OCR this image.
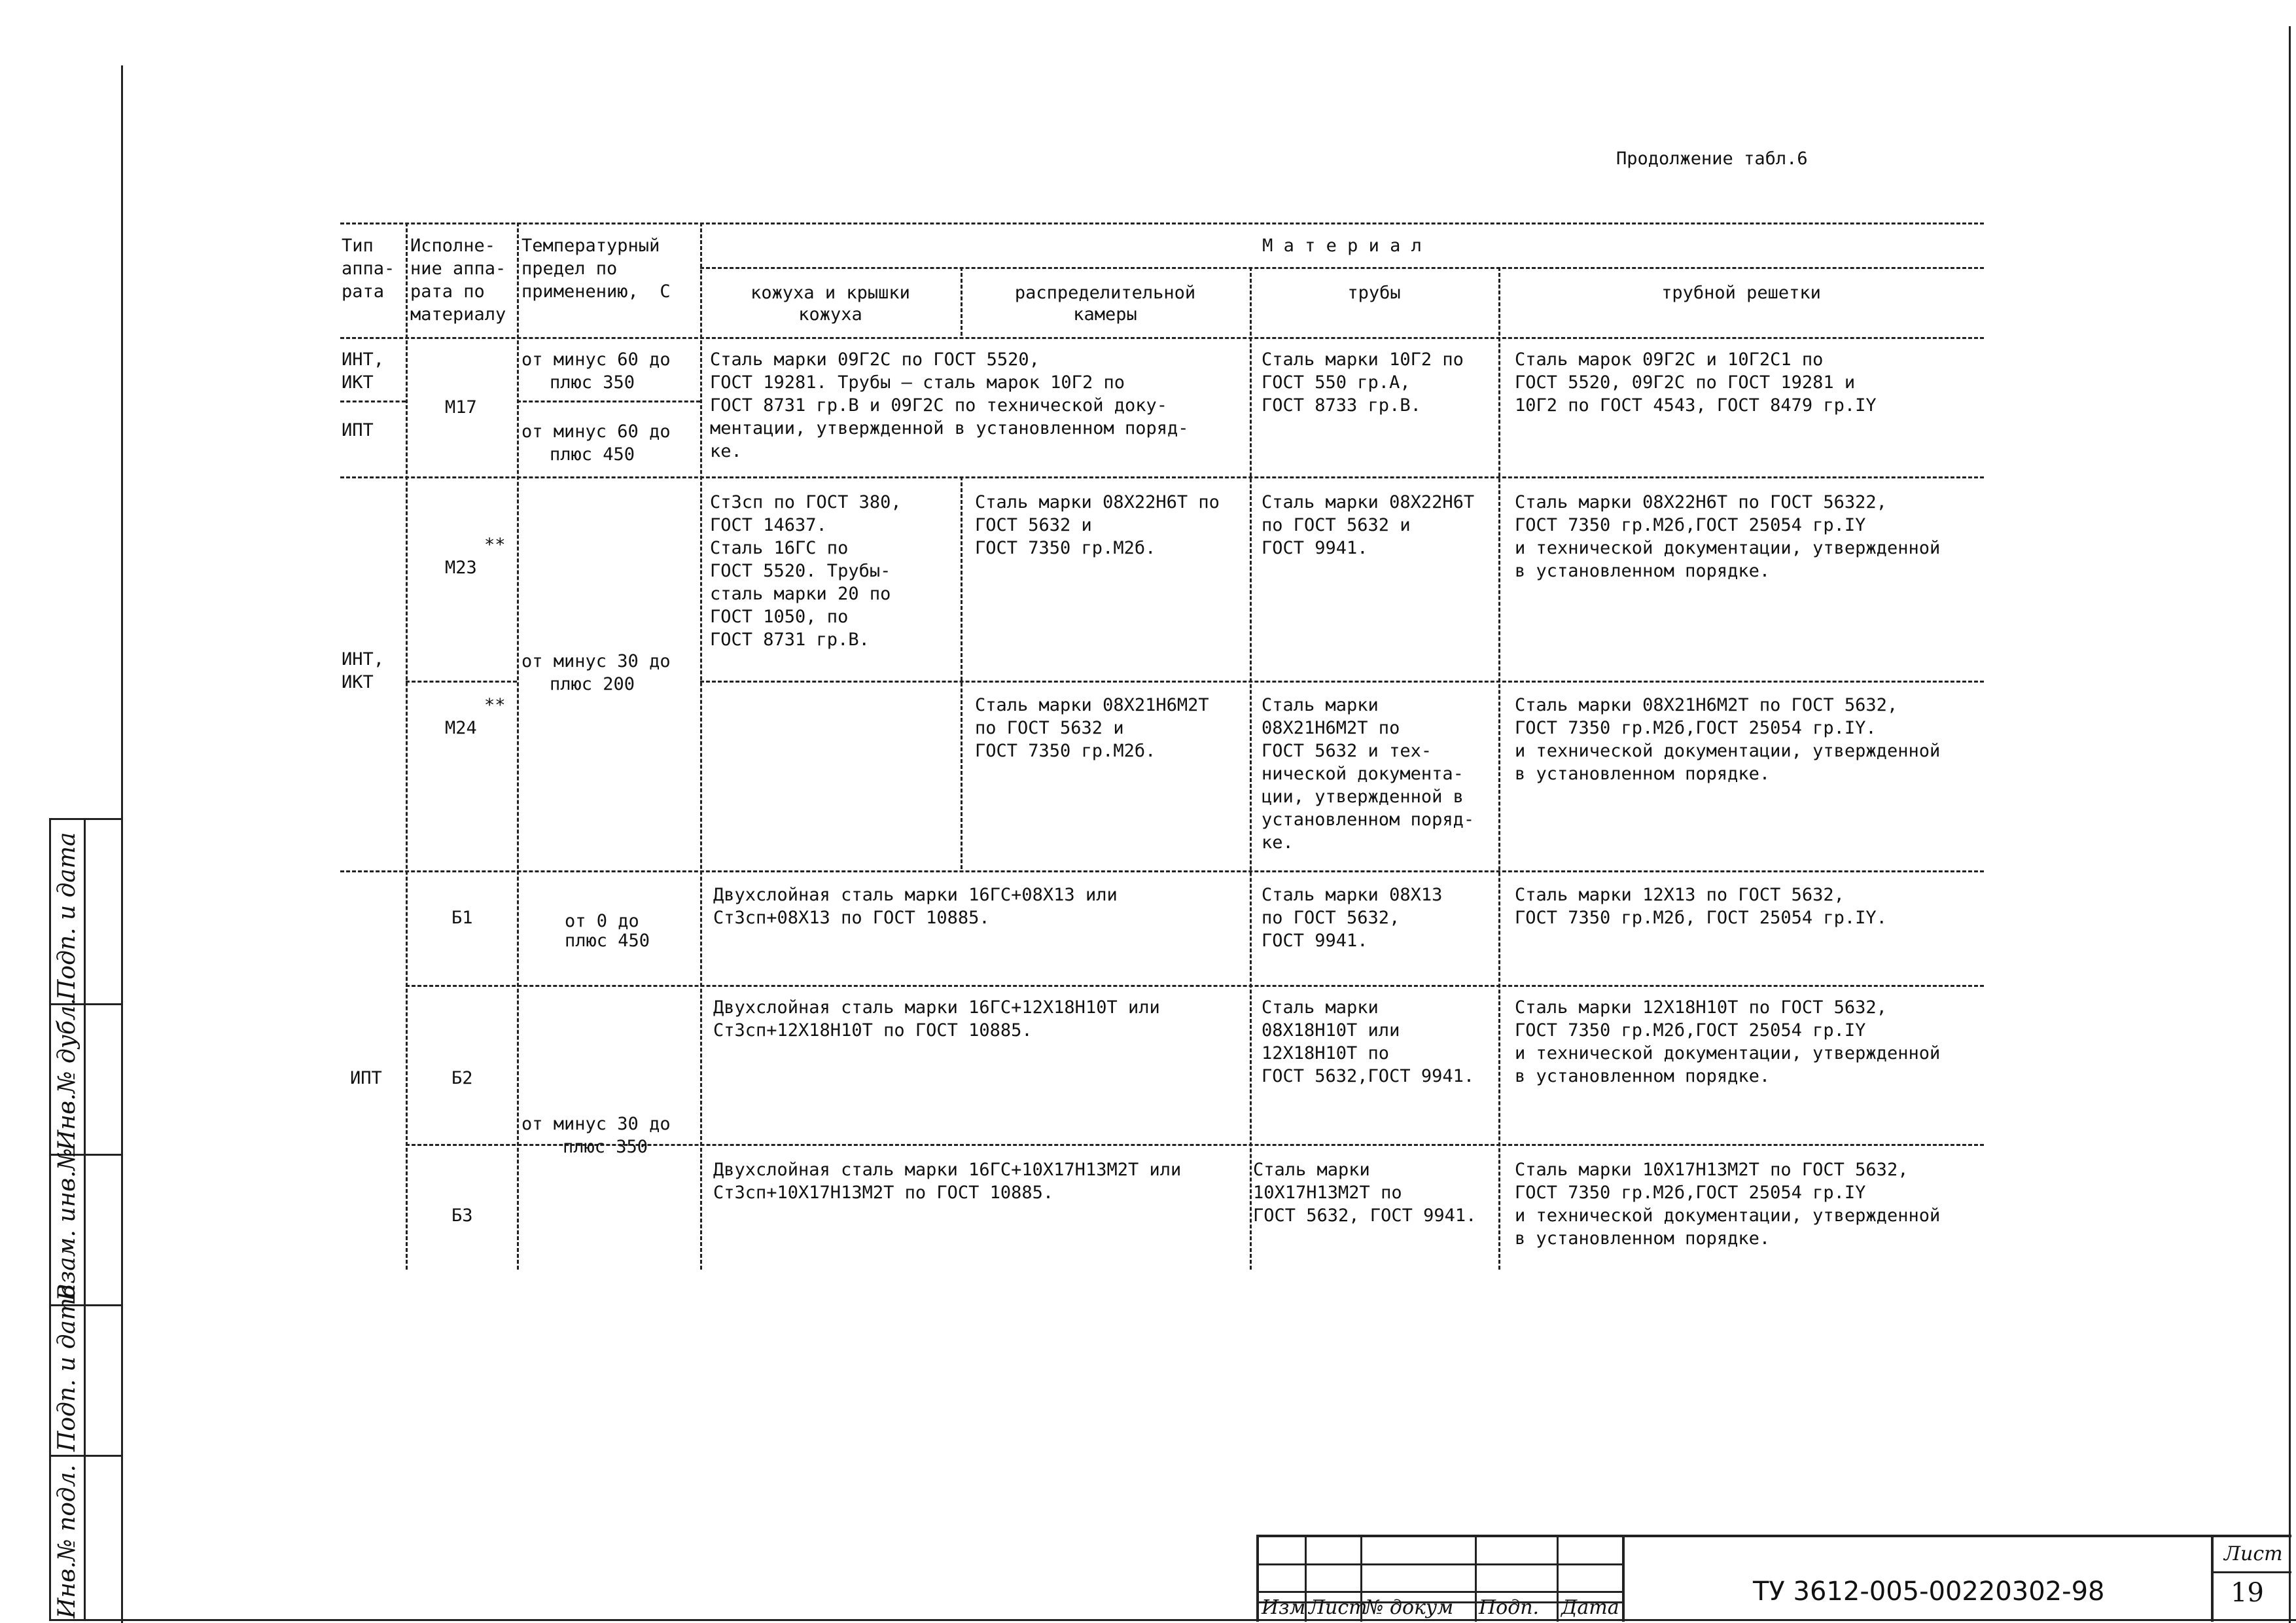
Инв.№ подл.
Подп. и дата
Взам. инв.№
Инв.№ дубл.
Подп. и дата
Продолжение табл.6
Тип
аппа-
рата
Исполне-
ние аппа-
рата по
материалу
Температурный
предел по
применению,  С
М а т е р и а л
кожуха и крышки
кожуха
распределительной
камеры
трубы	трубной решетки
ИНТ,
ИКТ
ИПТ
М17
от минус 60 до
плюс 350
от минус 60 до
плюс 450
Сталь марки 09Г2С по ГОСТ 5520,
ГОСТ 19281. Трубы – сталь марок 10Г2 по
ГОСТ 8731 гр.В и 09Г2С по технической доку-
ментации, утвержденной в установленном поряд-
ке.
Сталь марки 10Г2 по
ГОСТ 550 гр.А,
ГОСТ 8733 гр.В.
Сталь марок 09Г2С и 10Г2С1 по
ГОСТ 5520, 09Г2С по ГОСТ 19281 и
10Г2 по ГОСТ 4543, ГОСТ 8479 гр.IY
ИНТ,
ИКТ
от минус 30 до
плюс 200
Ст3сп по ГОСТ 380,
ГОСТ 14637.
Сталь 16ГС по
ГОСТ 5520. Трубы-
сталь марки 20 по
ГОСТ 1050, по
ГОСТ 8731 гр.В.
**
М23
Сталь марки 08Х22Н6Т по
ГОСТ 5632 и
ГОСТ 7350 гр.М2б.
Сталь марки 08Х22Н6Т
по ГОСТ 5632 и
ГОСТ 9941.
Сталь марки 08Х22Н6Т по ГОСТ 56322,
ГОСТ 7350 гр.М2б,ГОСТ 25054 гр.IY
и технической документации, утвержденной
в установленном порядке.
**
М24
Сталь марки 08Х21Н6М2Т
по ГОСТ 5632 и
ГОСТ 7350 гр.М2б.
Сталь марки
08Х21Н6М2Т по
ГОСТ 5632 и тех-
нической документа-
ции, утвержденной в
установленном поряд-
ке.
Сталь марки 08Х21Н6М2Т по ГОСТ 5632,
ГОСТ 7350 гр.М2б,ГОСТ 25054 гр.IY.
и технической документации, утвержденной
в установленном порядке.
ИПТ
Б1	от 0 до
плюс 450
Двухслойная сталь марки 16ГС+08Х13 или
Ст3сп+08Х13 по ГОСТ 10885.
Сталь марки 08Х13
по ГОСТ 5632,
ГОСТ 9941.
Сталь марки 12Х13 по ГОСТ 5632,
ГОСТ 7350 гр.М2б, ГОСТ 25054 гр.IY.
Б2
Двухслойная сталь марки 16ГС+12Х18Н10Т или
Ст3сп+12Х18Н10Т по ГОСТ 10885.
Сталь марки
08Х18Н10Т или
12Х18Н10Т по
ГОСТ 5632,ГОСТ 9941.
Сталь марки 12Х18Н10Т по ГОСТ 5632,
ГОСТ 7350 гр.М2б,ГОСТ 25054 гр.IY
и технической документации, утвержденной
в установленном порядке.
от минус 30 до
плюс 350
Б3
Двухслойная сталь марки 16ГС+10Х17Н13М2Т или
Ст3сп+10Х17Н13М2Т по ГОСТ 10885.
Сталь марки
10Х17Н13М2Т по
ГОСТ 5632, ГОСТ 9941.
Сталь марки 10Х17Н13М2Т по ГОСТ 5632,
ГОСТ 7350 гр.М2б,ГОСТ 25054 гр.IY
и технической документации, утвержденной
в установленном порядке.
Изм Лист
№ докум Подп. Дата
ТУ 3612-005-00220302-98
Лист
19
